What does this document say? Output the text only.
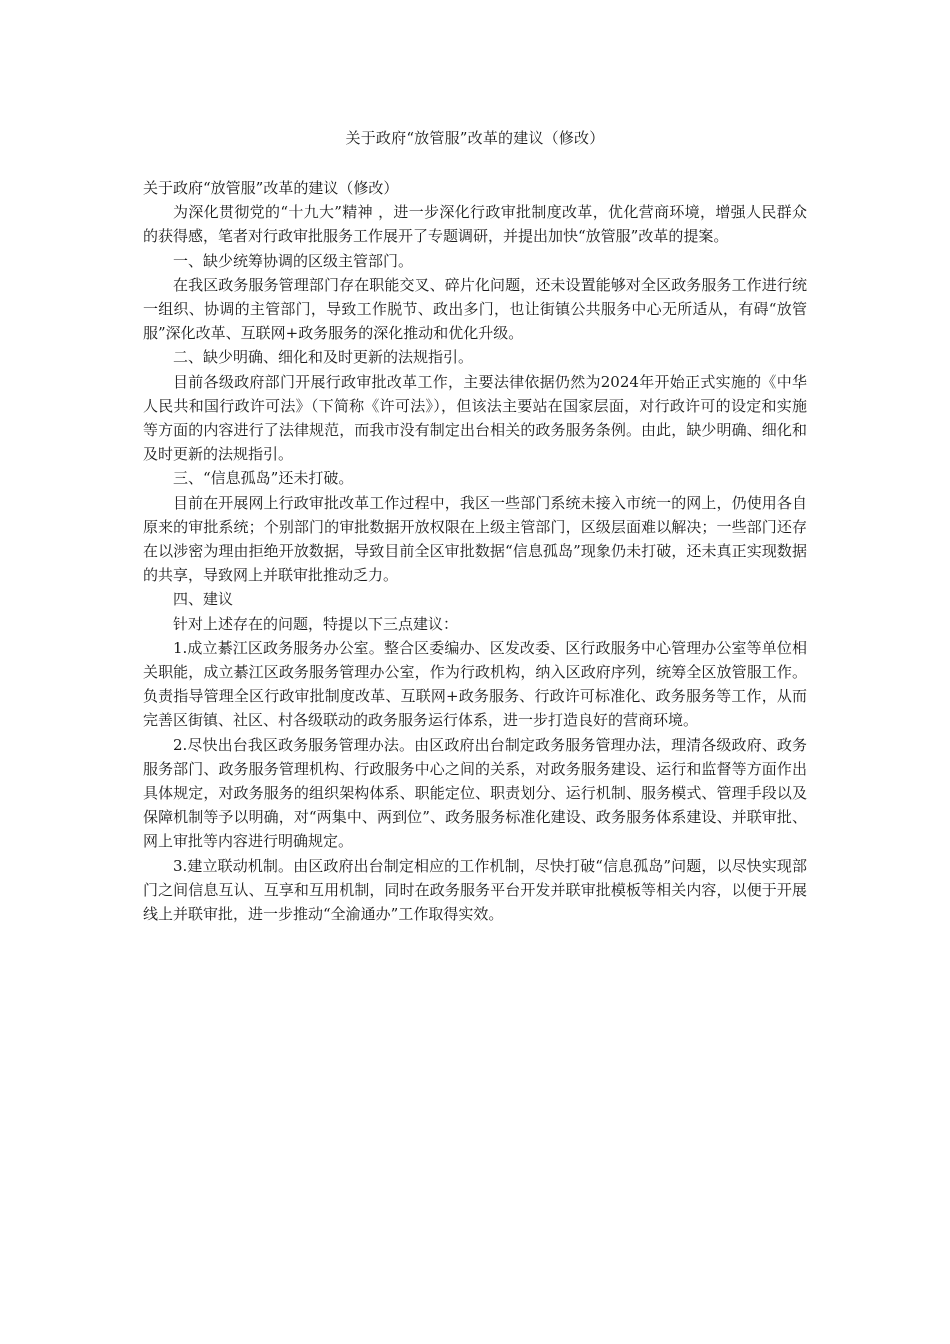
关于政府“放管服”改革的建议（修改）

关于政府“放管服”改革的建议（修改）

为深化贯彻党的“十九大”精神 ，进一步深化行政审批制度改革，优化营商环境，增强人民群众的获得感，笔者对行政审批服务工作展开了专题调研，并提出加快“放管服”改革的提案。

一、缺少统筹协调的区级主管部门。

在我区政务服务管理部门存在职能交叉、碎片化问题，还未设置能够对全区政务服务工作进行统一组织、协调的主管部门，导致工作脱节、政出多门，也让街镇公共服务中心无所适从，有碍“放管服”深化改革、互联网+政务服务的深化推动和优化升级。

二、缺少明确、细化和及时更新的法规指引。

目前各级政府部门开展行政审批改革工作，主要法律依据仍然为2024年开始正式实施的《中华人民共和国行政许可法》（下简称《许可法》），但该法主要站在国家层面，对行政许可的设定和实施等方面的内容进行了法律规范，而我市没有制定出台相关的政务服务条例。由此，缺少明确、细化和及时更新的法规指引。

三、“信息孤岛”还未打破。

目前在开展网上行政审批改革工作过程中，我区一些部门系统未接入市统一的网上，仍使用各自原来的审批系统；个别部门的审批数据开放权限在上级主管部门，区级层面难以解决；一些部门还存在以涉密为理由拒绝开放数据，导致目前全区审批数据“信息孤岛”现象仍未打破，还未真正实现数据的共享，导致网上并联审批推动乏力。

四、建议

针对上述存在的问题，特提以下三点建议：

1.成立綦江区政务服务办公室。整合区委编办、区发改委、区行政服务中心管理办公室等单位相关职能，成立綦江区政务服务管理办公室，作为行政机构，纳入区政府序列，统筹全区放管服工作。负责指导管理全区行政审批制度改革、互联网+政务服务、行政许可标准化、政务服务等工作，从而完善区街镇、社区、村各级联动的政务服务运行体系，进一步打造良好的营商环境。

2.尽快出台我区政务服务管理办法。由区政府出台制定政务服务管理办法，理清各级政府、政务服务部门、政务服务管理机构、行政服务中心之间的关系，对政务服务建设、运行和监督等方面作出具体规定，对政务服务的组织架构体系、职能定位、职责划分、运行机制、服务模式、管理手段以及保障机制等予以明确，对“两集中、两到位”、政务服务标准化建设、政务服务体系建设、并联审批、网上审批等内容进行明确规定。

3.建立联动机制。由区政府出台制定相应的工作机制，尽快打破“信息孤岛”问题，以尽快实现部门之间信息互认、互享和互用机制，同时在政务服务平台开发并联审批模板等相关内容，以便于开展线上并联审批，进一步推动“全渝通办”工作取得实效。
